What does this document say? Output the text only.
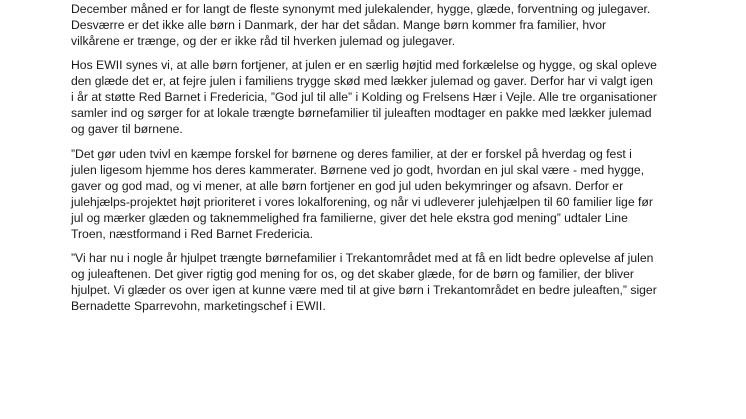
December måned er for langt de fleste synonymt med julekalender, hygge, glæde, forventning og julegaver.
Desværre er det ikke alle børn i Danmark, der har det sådan. Mange børn kommer fra familier, hvor
vilkårene er trænge, og der er ikke råd til hverken julemad og julegaver.

Hos EWII synes vi, at alle børn fortjener, at julen er en særlig højtid med forkælelse og hygge, og skal opleve
den glæde det er, at fejre julen i familiens trygge skød med lækker julemad og gaver. Derfor har vi valgt igen
i år at støtte Red Barnet i Fredericia, ”God jul til alle” i Kolding og Frelsens Hær i Vejle. Alle tre organisationer
samler ind og sørger for at lokale trængte børnefamilier til juleaften modtager en pakke med lækker julemad
og gaver til børnene.

”Det gør uden tvivl en kæmpe forskel for børnene og deres familier, at der er forskel på hverdag og fest i
julen ligesom hjemme hos deres kammerater. Børnene ved jo godt, hvordan en jul skal være - med hygge,
gaver og god mad, og vi mener, at alle børn fortjener en god jul uden bekymringer og afsavn. Derfor er
julehjælps-projektet højt prioriteret i vores lokalforening, og når vi udleverer julehjælpen til 60 familier lige før
jul og mærker glæden og taknemmelighed fra familierne, giver det hele ekstra god mening” udtaler Line
Troen, næstformand i Red Barnet Fredericia.

”Vi har nu i nogle år hjulpet trængte børnefamilier i Trekantområdet med at få en lidt bedre oplevelse af julen
og juleaftenen. Det giver rigtig god mening for os, og det skaber glæde, for de børn og familier, der bliver
hjulpet. Vi glæder os over igen at kunne være med til at give børn i Trekantområdet en bedre juleaften,” siger
Bernadette Sparrevohn, marketingschef i EWII.
